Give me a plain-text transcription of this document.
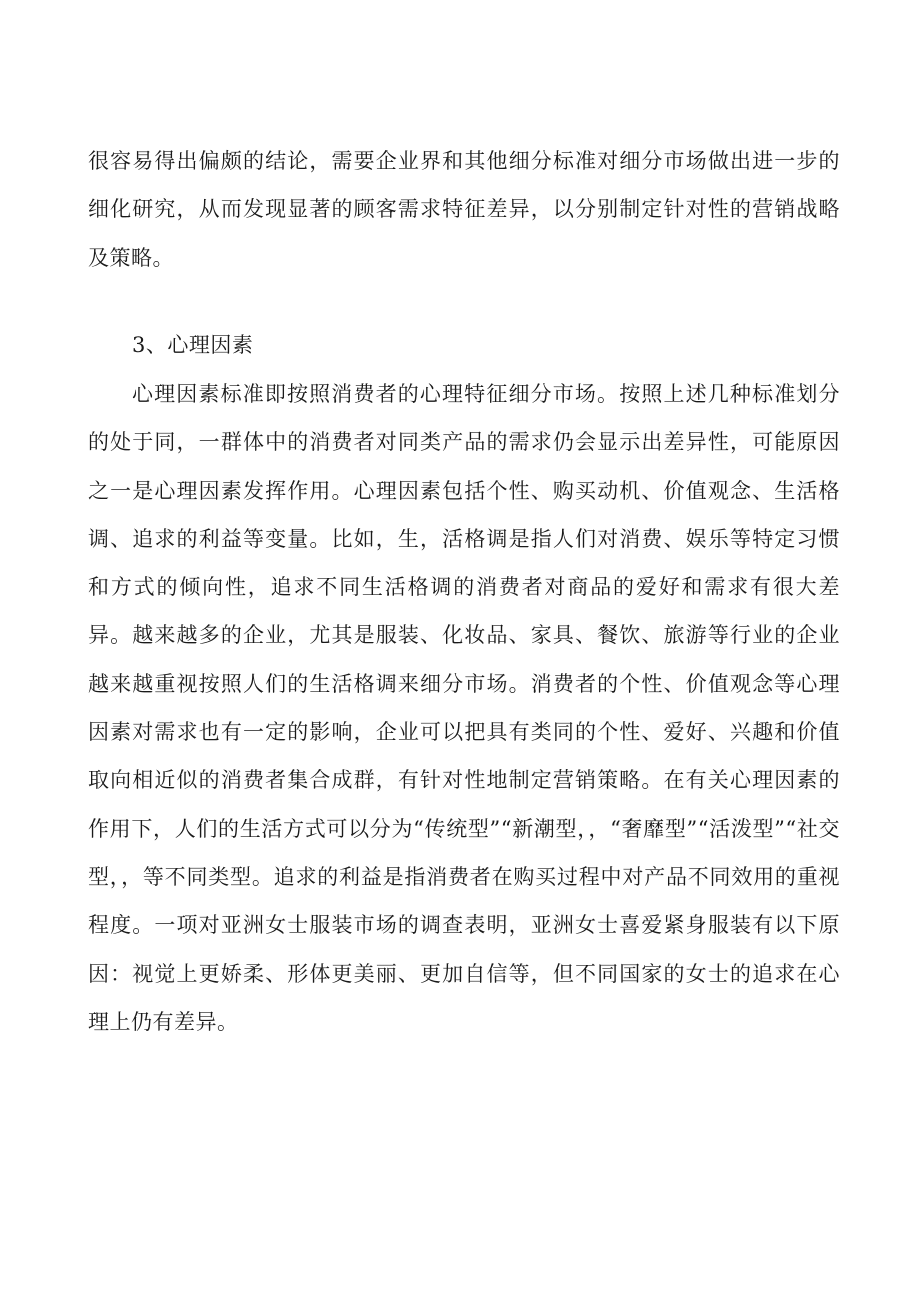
很容易得出偏颇的结论，需要企业界和其他细分标准对细分市场做出进一步的细化研究，从而发现显著的顾客需求特征差异，以分别制定针对性的营销战略及策略。

3、心理因素

心理因素标准即按照消费者的心理特征细分市场。按照上述几种标准划分的处于同，一群体中的消费者对同类产品的需求仍会显示出差异性，可能原因之一是心理因素发挥作用。心理因素包括个性、购买动机、价值观念、生活格调、追求的利益等变量。比如，生，活格调是指人们对消费、娱乐等特定习惯和方式的倾向性，追求不同生活格调的消费者对商品的爱好和需求有很大差异。越来越多的企业，尤其是服装、化妆品、家具、餐饮、旅游等行业的企业越来越重视按照人们的生活格调来细分市场。消费者的个性、价值观念等心理因素对需求也有一定的影响，企业可以把具有类同的个性、爱好、兴趣和价值取向相近似的消费者集合成群，有针对性地制定营销策略。在有关心理因素的作用下，人们的生活方式可以分为“传统型”“新潮型，，“奢靡型”“活泼型”“社交型，，等不同类型。追求的利益是指消费者在购买过程中对产品不同效用的重视程度。一项对亚洲女士服装市场的调查表明，亚洲女士喜爱紧身服装有以下原因：视觉上更娇柔、形体更美丽、更加自信等，但不同国家的女士的追求在心理上仍有差异。
